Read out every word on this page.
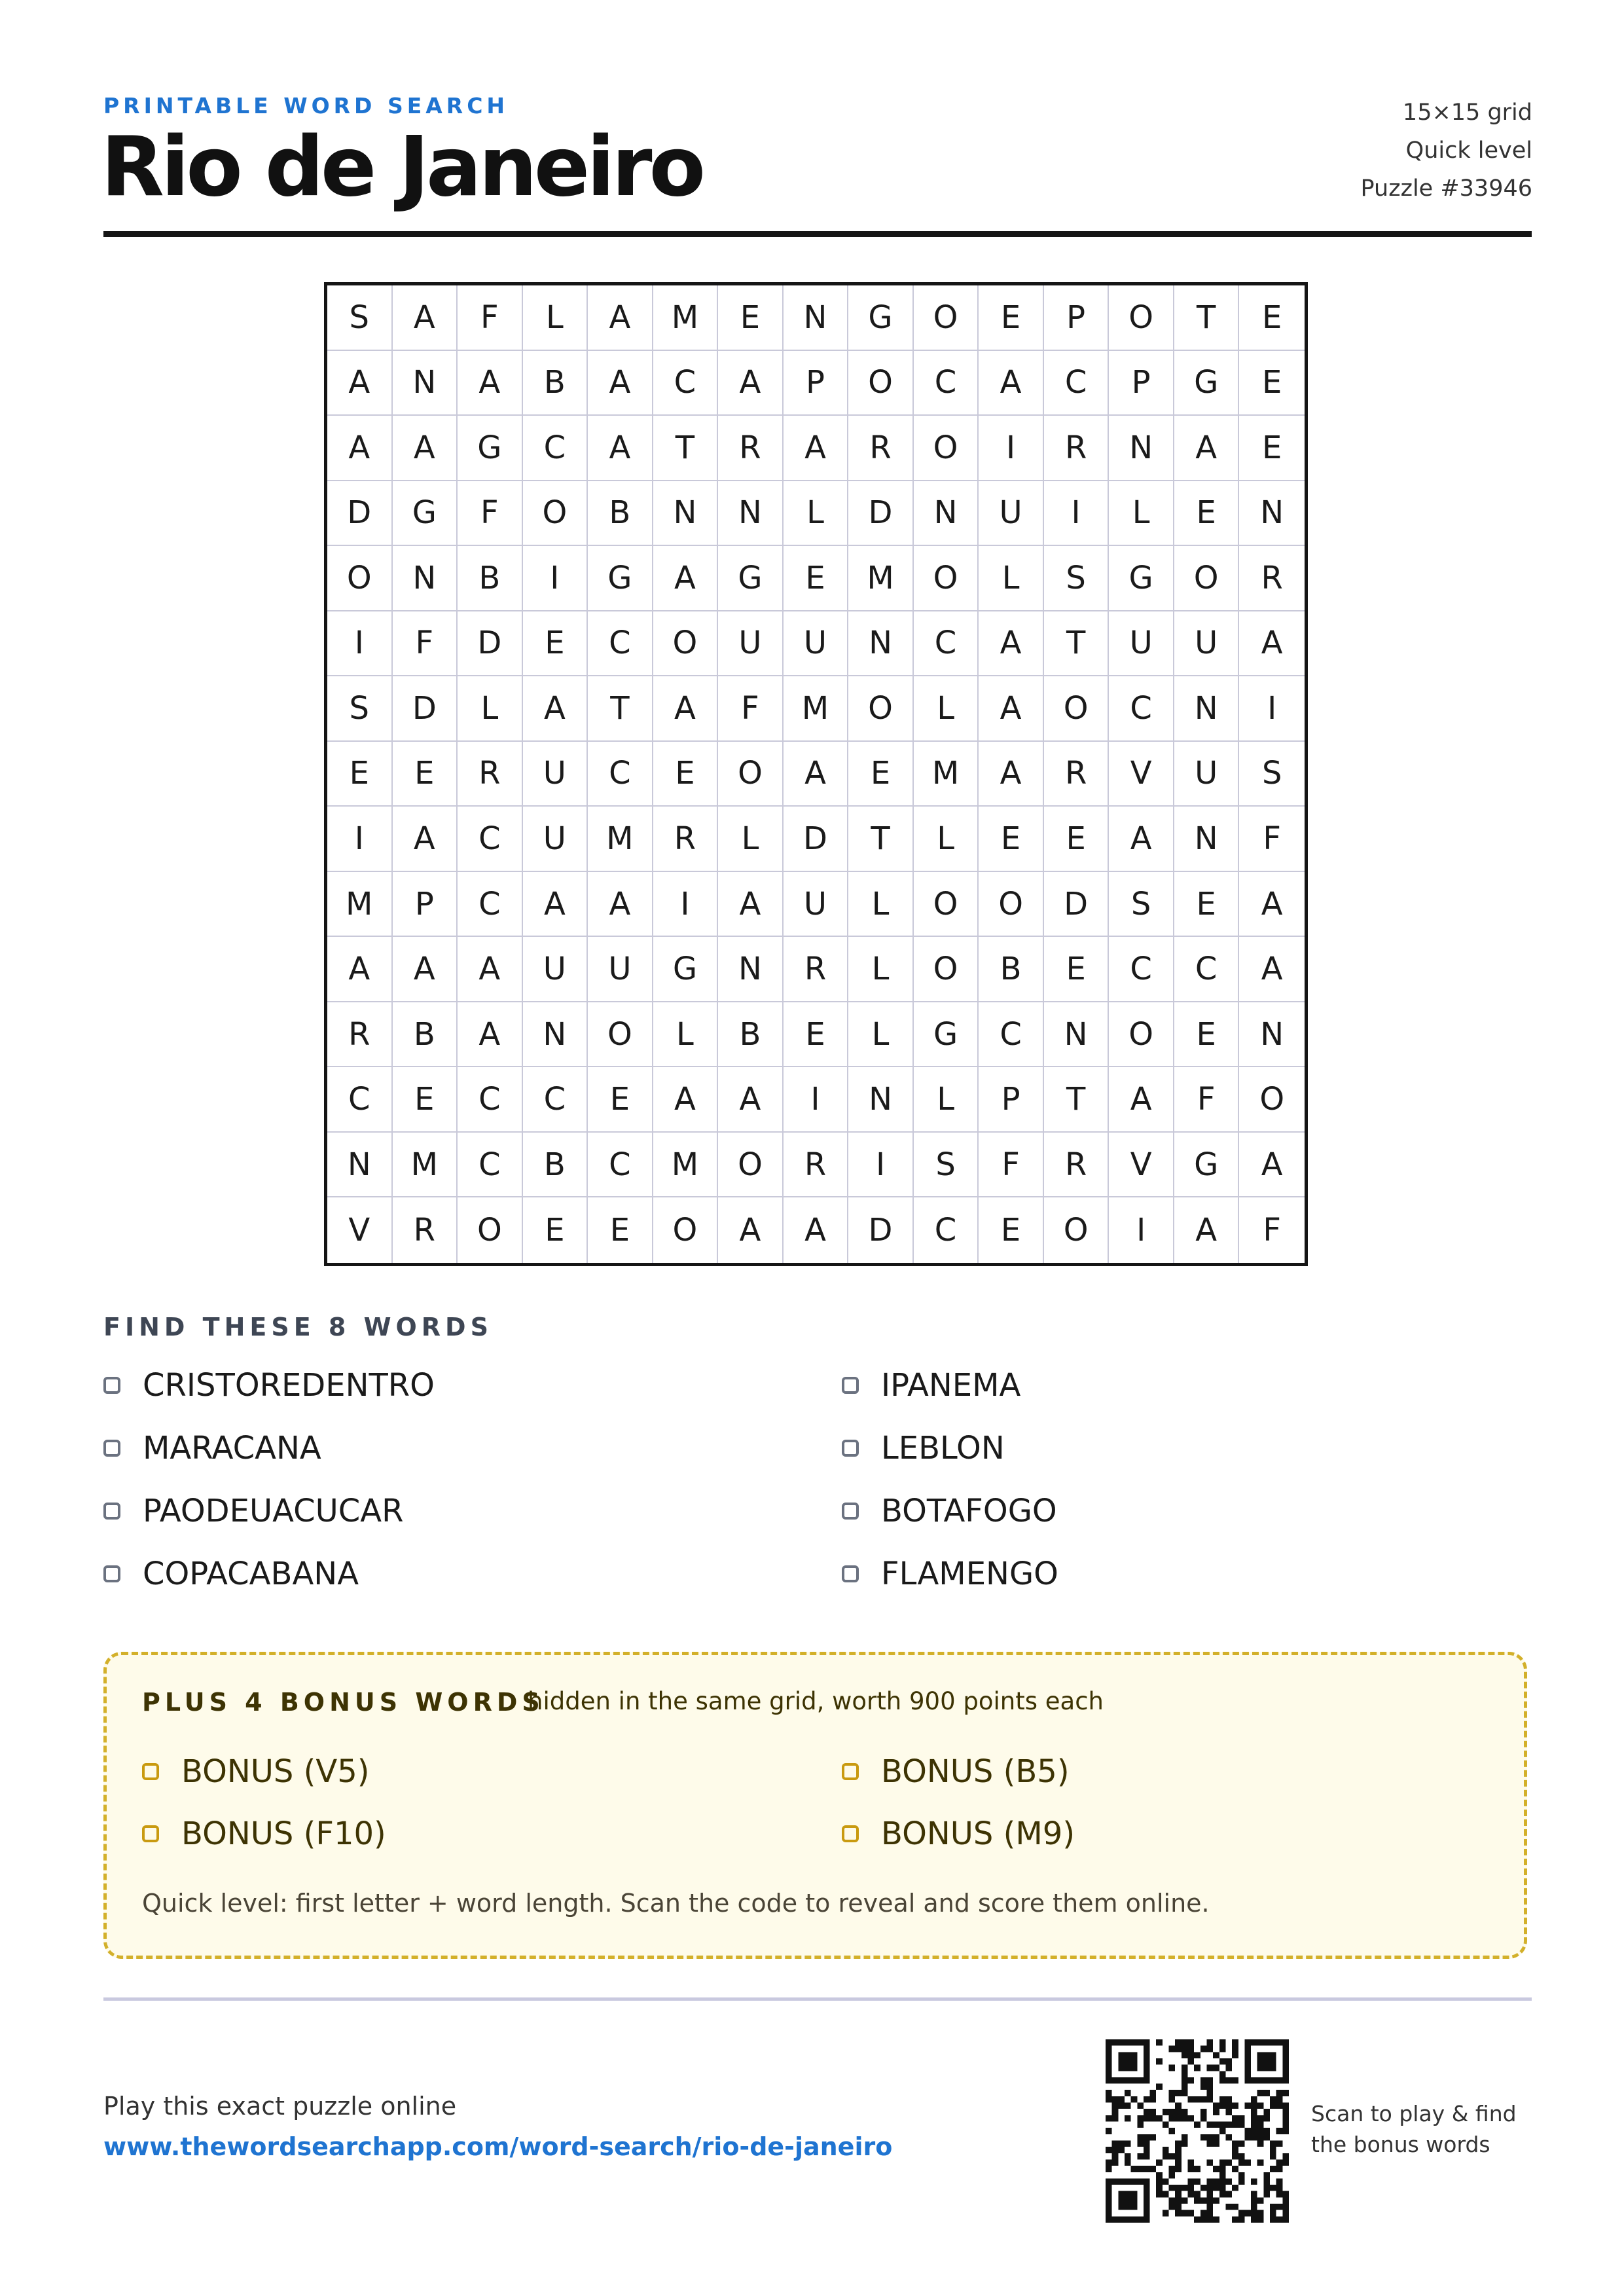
PRINTABLE WORD SEARCH
Rio de Janeiro
15×15 grid
Quick level
Puzzle #33946
S	A	F	L	A	M	E	N	G	O	E	P	O	T	E
A	N	A	B	A	C	A	P	O	C	A	C	P	G	E
A	A	G	C	A	T	R	A	R	O	I	R	N	A	E
D	G	F	O	B	N	N	L	D	N	U	I	L	E	N
O	N	B	I	G	A	G	E	M	O	L	S	G	O	R
I	F	D	E	C	O	U	U	N	C	A	T	U	U	A
S	D	L	A	T	A	F	M	O	L	A	O	C	N	I
E	E	R	U	C	E	O	A	E	M	A	R	V	U	S
I	A	C	U	M	R	L	D	T	L	E	E	A	N	F
M	P	C	A	A	I	A	U	L	O	O	D	S	E	A
A	A	A	U	U	G	N	R	L	O	B	E	C	C	A
R	B	A	N	O	L	B	E	L	G	C	N	O	E	N
C	E	C	C	E	A	A	I	N	L	P	T	A	F	O
N	M	C	B	C	M	O	R	I	S	F	R	V	G	A
V	R	O	E	E	O	A	A	D	C	E	O	I	A	F
FIND THESE 8 WORDS
CRISTOREDENTRO
MARACANA
PAODEUACUCAR
COPACABANA
IPANEMA
LEBLON
BOTAFOGO
FLAMENGO
PLUS 4 BONUS WORDS
hidden in the same grid, worth 900 points each
BONUS (V5)
BONUS (F10)
BONUS (B5)
BONUS (M9)
Quick level: first letter + word length. Scan the code to reveal and score them online.
Play this exact puzzle online
www.thewordsearchapp.com/word-search/rio-de-janeiro
Scan to play & find
the bonus words
